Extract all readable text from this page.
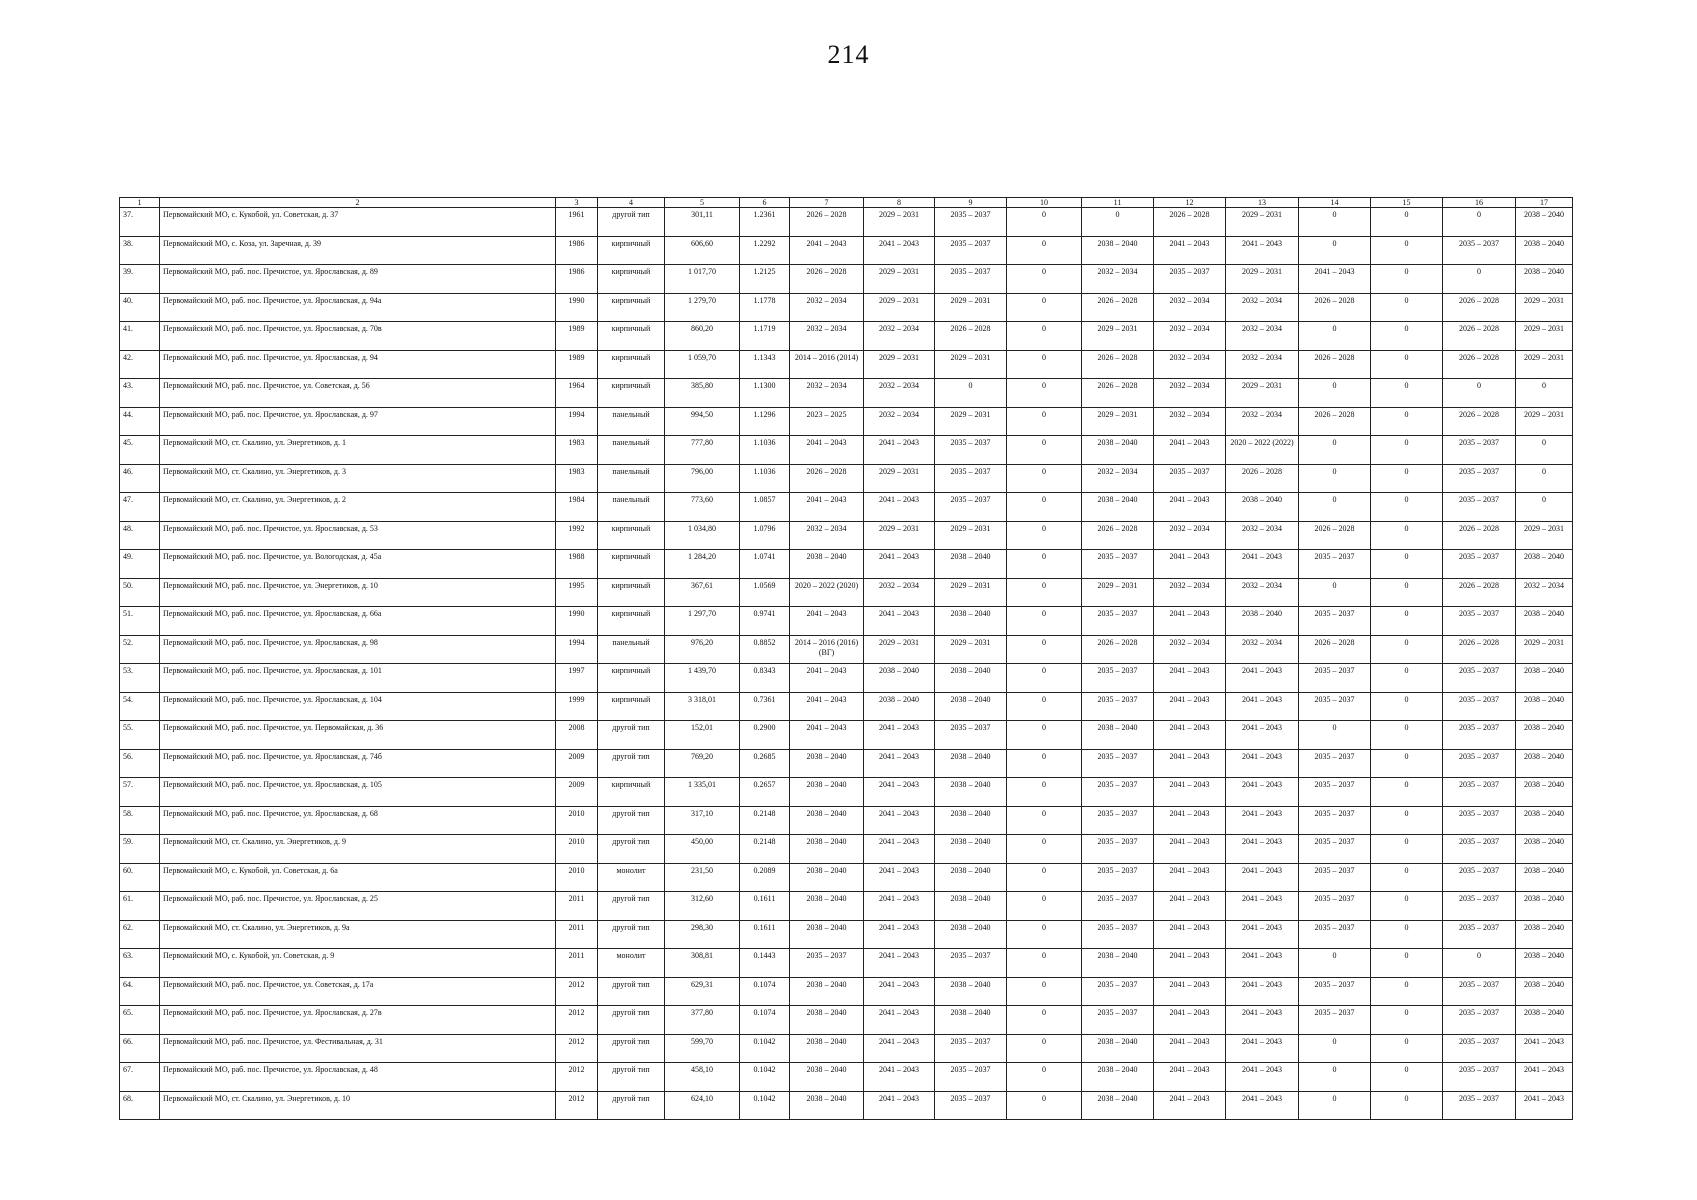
214
1	2	3	4	5	6	7	8	9	10	11	12	13	14	15	16	17
37.	Первомайский МО, с. Кукобой, ул. Советская, д. 37	1961	другой тип	301,11	1.2361	2026 – 2028	2029 – 2031	2035 – 2037	0	0	2026 – 2028	2029 – 2031	0	0	0	2038 – 2040
38.	Первомайский МО, с. Коза, ул. Заречная, д. 39	1986	кирпичный	606,60	1.2292	2041 – 2043	2041 – 2043	2035 – 2037	0	2038 – 2040	2041 – 2043	2041 – 2043	0	0	2035 – 2037	2038 – 2040
39.	Первомайский МО, раб. пос. Пречистое, ул. Ярославская, д. 89	1986	кирпичный	1 017,70	1.2125	2026 – 2028	2029 – 2031	2035 – 2037	0	2032 – 2034	2035 – 2037	2029 – 2031	2041 – 2043	0	0	2038 – 2040
40.	Первомайский МО, раб. пос. Пречистое, ул. Ярославская, д. 94а	1990	кирпичный	1 279,70	1.1778	2032 – 2034	2029 – 2031	2029 – 2031	0	2026 – 2028	2032 – 2034	2032 – 2034	2026 – 2028	0	2026 – 2028	2029 – 2031
41.	Первомайский МО, раб. пос. Пречистое, ул. Ярославская, д. 70в	1989	кирпичный	860,20	1.1719	2032 – 2034	2032 – 2034	2026 – 2028	0	2029 – 2031	2032 – 2034	2032 – 2034	0	0	2026 – 2028	2029 – 2031
42.	Первомайский МО, раб. пос. Пречистое, ул. Ярославская, д. 94	1989	кирпичный	1 059,70	1.1343	2014 – 2016 (2014)	2029 – 2031	2029 – 2031	0	2026 – 2028	2032 – 2034	2032 – 2034	2026 – 2028	0	2026 – 2028	2029 – 2031
43.	Первомайский МО, раб. пос. Пречистое, ул. Советская, д. 56	1964	кирпичный	385,80	1.1300	2032 – 2034	2032 – 2034	0	0	2026 – 2028	2032 – 2034	2029 – 2031	0	0	0	0
44.	Первомайский МО, раб. пос. Пречистое, ул. Ярославская, д. 97	1994	панельный	994,50	1.1296	2023 – 2025	2032 – 2034	2029 – 2031	0	2029 – 2031	2032 – 2034	2032 – 2034	2026 – 2028	0	2026 – 2028	2029 – 2031
45.	Первомайский МО, ст. Скалино, ул. Энергетиков, д. 1	1983	панельный	777,80	1.1036	2041 – 2043	2041 – 2043	2035 – 2037	0	2038 – 2040	2041 – 2043	2020 – 2022 (2022)	0	0	2035 – 2037	0
46.	Первомайский МО, ст. Скалино, ул. Энергетиков, д. 3	1983	панельный	796,00	1.1036	2026 – 2028	2029 – 2031	2035 – 2037	0	2032 – 2034	2035 – 2037	2026 – 2028	0	0	2035 – 2037	0
47.	Первомайский МО, ст. Скалино, ул. Энергетиков, д. 2	1984	панельный	773,60	1.0857	2041 – 2043	2041 – 2043	2035 – 2037	0	2038 – 2040	2041 – 2043	2038 – 2040	0	0	2035 – 2037	0
48.	Первомайский МО, раб. пос. Пречистое, ул. Ярославская, д. 53	1992	кирпичный	1 034,80	1.0796	2032 – 2034	2029 – 2031	2029 – 2031	0	2026 – 2028	2032 – 2034	2032 – 2034	2026 – 2028	0	2026 – 2028	2029 – 2031
49.	Первомайский МО, раб. пос. Пречистое, ул. Вологодская, д. 45а	1988	кирпичный	1 284,20	1.0741	2038 – 2040	2041 – 2043	2038 – 2040	0	2035 – 2037	2041 – 2043	2041 – 2043	2035 – 2037	0	2035 – 2037	2038 – 2040
50.	Первомайский МО, раб. пос. Пречистое, ул. Энергетиков, д. 10	1995	кирпичный	367,61	1.0569	2020 – 2022 (2020)	2032 – 2034	2029 – 2031	0	2029 – 2031	2032 – 2034	2032 – 2034	0	0	2026 – 2028	2032 – 2034
51.	Первомайский МО, раб. пос. Пречистое, ул. Ярославская, д. 66а	1990	кирпичный	1 297,70	0.9741	2041 – 2043	2041 – 2043	2038 – 2040	0	2035 – 2037	2041 – 2043	2038 – 2040	2035 – 2037	0	2035 – 2037	2038 – 2040
52.	Первомайский МО, раб. пос. Пречистое, ул. Ярославская, д. 98	1994	панельный	976,20	0.8852	2014 – 2016 (2016) (ВГ)	2029 – 2031	2029 – 2031	0	2026 – 2028	2032 – 2034	2032 – 2034	2026 – 2028	0	2026 – 2028	2029 – 2031
53.	Первомайский МО, раб. пос. Пречистое, ул. Ярославская, д. 101	1997	кирпичный	1 439,70	0.8343	2041 – 2043	2038 – 2040	2038 – 2040	0	2035 – 2037	2041 – 2043	2041 – 2043	2035 – 2037	0	2035 – 2037	2038 – 2040
54.	Первомайский МО, раб. пос. Пречистое, ул. Ярославская, д. 104	1999	кирпичный	3 318,01	0.7361	2041 – 2043	2038 – 2040	2038 – 2040	0	2035 – 2037	2041 – 2043	2041 – 2043	2035 – 2037	0	2035 – 2037	2038 – 2040
55.	Первомайский МО, раб. пос. Пречистое, ул. Первомайская, д. 36	2008	другой тип	152,01	0.2900	2041 – 2043	2041 – 2043	2035 – 2037	0	2038 – 2040	2041 – 2043	2041 – 2043	0	0	2035 – 2037	2038 – 2040
56.	Первомайский МО, раб. пос. Пречистое, ул. Ярославская, д. 74б	2009	другой тип	769,20	0.2685	2038 – 2040	2041 – 2043	2038 – 2040	0	2035 – 2037	2041 – 2043	2041 – 2043	2035 – 2037	0	2035 – 2037	2038 – 2040
57.	Первомайский МО, раб. пос. Пречистое, ул. Ярославская, д. 105	2009	кирпичный	1 335,01	0.2657	2038 – 2040	2041 – 2043	2038 – 2040	0	2035 – 2037	2041 – 2043	2041 – 2043	2035 – 2037	0	2035 – 2037	2038 – 2040
58.	Первомайский МО, раб. пос. Пречистое, ул. Ярославская, д. 68	2010	другой тип	317,10	0.2148	2038 – 2040	2041 – 2043	2038 – 2040	0	2035 – 2037	2041 – 2043	2041 – 2043	2035 – 2037	0	2035 – 2037	2038 – 2040
59.	Первомайский МО, ст. Скалино, ул. Энергетиков, д. 9	2010	другой тип	450,00	0.2148	2038 – 2040	2041 – 2043	2038 – 2040	0	2035 – 2037	2041 – 2043	2041 – 2043	2035 – 2037	0	2035 – 2037	2038 – 2040
60.	Первомайский МО, с. Кукобой, ул. Советская, д. 6а	2010	монолит	231,50	0.2089	2038 – 2040	2041 – 2043	2038 – 2040	0	2035 – 2037	2041 – 2043	2041 – 2043	2035 – 2037	0	2035 – 2037	2038 – 2040
61.	Первомайский МО, раб. пос. Пречистое, ул. Ярославская, д. 25	2011	другой тип	312,60	0.1611	2038 – 2040	2041 – 2043	2038 – 2040	0	2035 – 2037	2041 – 2043	2041 – 2043	2035 – 2037	0	2035 – 2037	2038 – 2040
62.	Первомайский МО, ст. Скалино, ул. Энергетиков, д. 9а	2011	другой тип	298,30	0.1611	2038 – 2040	2041 – 2043	2038 – 2040	0	2035 – 2037	2041 – 2043	2041 – 2043	2035 – 2037	0	2035 – 2037	2038 – 2040
63.	Первомайский МО, с. Кукобой, ул. Советская, д. 9	2011	монолит	308,81	0.1443	2035 – 2037	2041 – 2043	2035 – 2037	0	2038 – 2040	2041 – 2043	2041 – 2043	0	0	0	2038 – 2040
64.	Первомайский МО, раб. пос. Пречистое, ул. Советская, д. 17а	2012	другой тип	629,31	0.1074	2038 – 2040	2041 – 2043	2038 – 2040	0	2035 – 2037	2041 – 2043	2041 – 2043	2035 – 2037	0	2035 – 2037	2038 – 2040
65.	Первомайский МО, раб. пос. Пречистое, ул. Ярославская, д. 27в	2012	другой тип	377,80	0.1074	2038 – 2040	2041 – 2043	2038 – 2040	0	2035 – 2037	2041 – 2043	2041 – 2043	2035 – 2037	0	2035 – 2037	2038 – 2040
66.	Первомайский МО, раб. пос. Пречистое, ул. Фестивальная, д. 31	2012	другой тип	599,70	0.1042	2038 – 2040	2041 – 2043	2035 – 2037	0	2038 – 2040	2041 – 2043	2041 – 2043	0	0	2035 – 2037	2041 – 2043
67.	Первомайский МО, раб. пос. Пречистое, ул. Ярославская, д. 48	2012	другой тип	458,10	0.1042	2038 – 2040	2041 – 2043	2035 – 2037	0	2038 – 2040	2041 – 2043	2041 – 2043	0	0	2035 – 2037	2041 – 2043
68.	Первомайский МО, ст. Скалино, ул. Энергетиков, д. 10	2012	другой тип	624,10	0.1042	2038 – 2040	2041 – 2043	2035 – 2037	0	2038 – 2040	2041 – 2043	2041 – 2043	0	0	2035 – 2037	2041 – 2043
